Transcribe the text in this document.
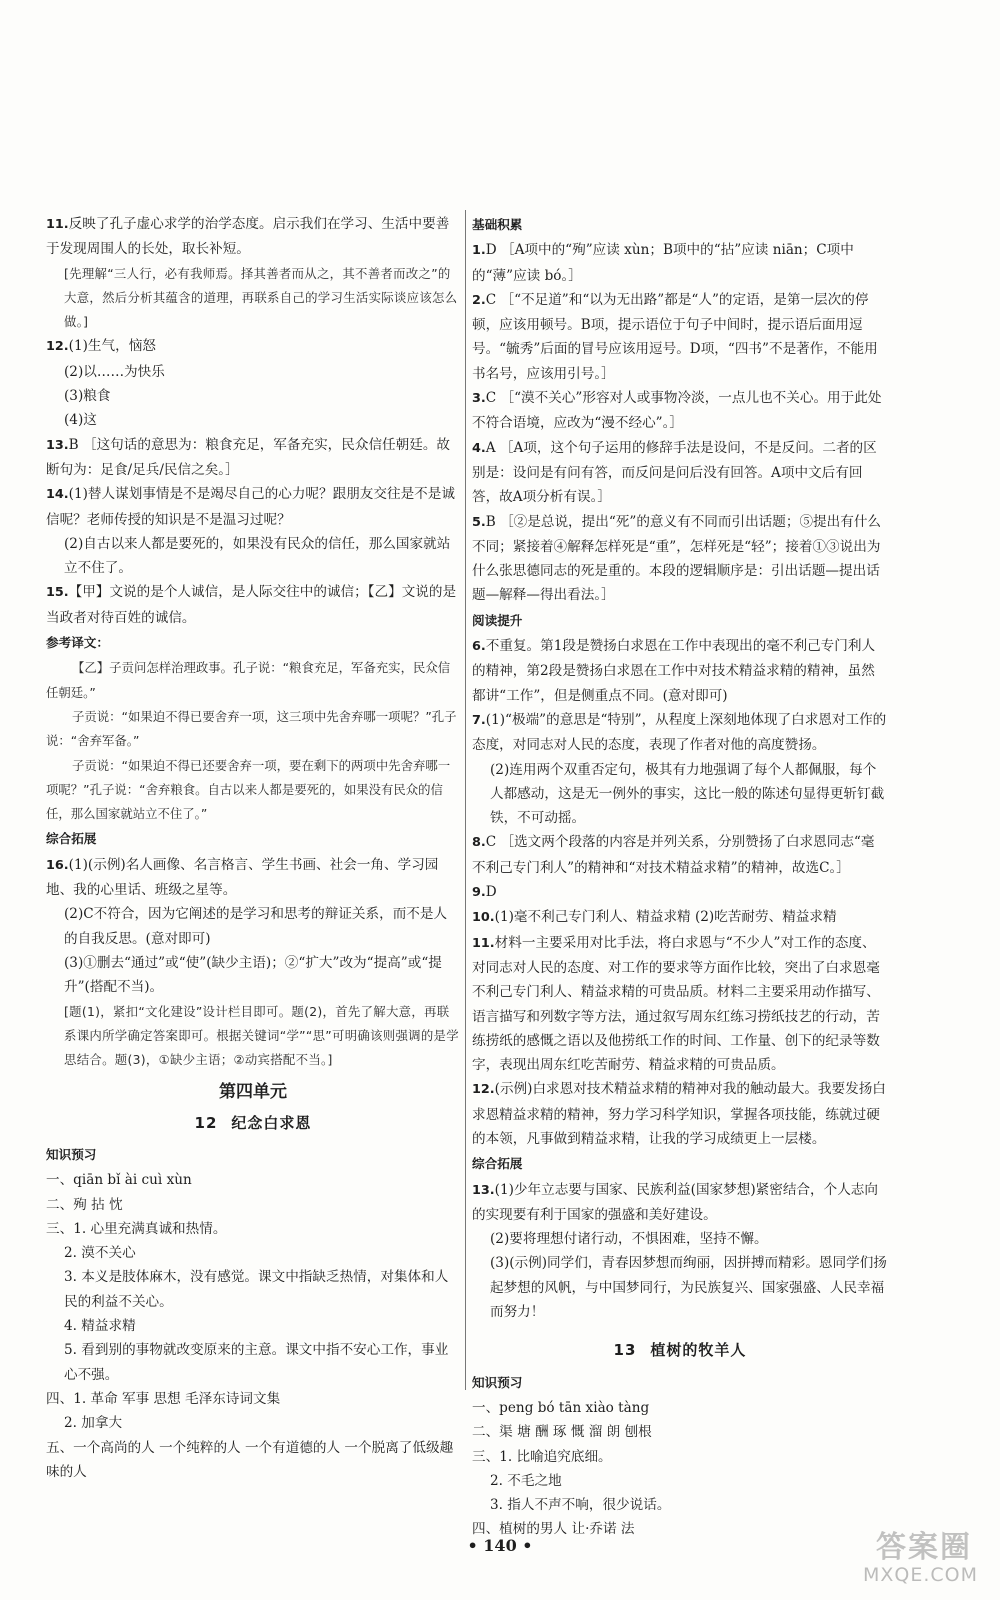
11.反映了孔子虚心求学的治学态度。启示我们在学习、生活中要善于发现周围人的长处，取长补短。

[先理解“三人行，必有我师焉。择其善者而从之，其不善者而改之”的大意，然后分析其蕴含的道理，再联系自己的学习生活实际谈应该怎么做。]

12.(1)生气，恼怒

(2)以……为快乐

(3)粮食

(4)这

13.B ［这句话的意思为：粮食充足，军备充实，民众信任朝廷。故断句为：足食/足兵/民信之矣。］

14.(1)替人谋划事情是不是竭尽自己的心力呢？跟朋友交往是不是诚信呢？老师传授的知识是不是温习过呢？

(2)自古以来人都是要死的，如果没有民众的信任，那么国家就站立不住了。

15.【甲】文说的是个人诚信，是人际交往中的诚信；【乙】文说的是当政者对待百姓的诚信。

参考译文：

【乙】子贡问怎样治理政事。孔子说：“粮食充足，军备充实，民众信任朝廷。”

子贡说：“如果迫不得已要舍弃一项，这三项中先舍弃哪一项呢？”孔子说：“舍弃军备。”

子贡说：“如果迫不得已还要舍弃一项，要在剩下的两项中先舍弃哪一项呢？”孔子说：“舍弃粮食。自古以来人都是要死的，如果没有民众的信任，那么国家就站立不住了。”

综合拓展

16.(1)(示例)名人画像、名言格言、学生书画、社会一角、学习园地、我的心里话、班级之星等。

(2)C不符合，因为它阐述的是学习和思考的辩证关系，而不是人的自我反思。(意对即可)

(3)①删去“通过”或“使”(缺少主语)；②“扩大”改为“提高”或“提升”(搭配不当)。

[题(1)，紧扣“文化建设”设计栏目即可。题(2)，首先了解大意，再联系课内所学确定答案即可。根据关键词“学”“思”可明确该则强调的是学思结合。题(3)，①缺少主语；②动宾搭配不当。]

第四单元
12 纪念白求恩

知识预习

一、qiān bǐ ài cuì xùn

二、殉 拈 忱

三、1. 心里充满真诚和热情。

2. 漠不关心

3. 本义是肢体麻木，没有感觉。课文中指缺乏热情，对集体和人民的利益不关心。

4. 精益求精

5. 看到别的事物就改变原来的主意。课文中指不安心工作，事业心不强。

四、1. 革命 军事 思想 毛泽东诗词文集

2. 加拿大

五、一个高尚的人 一个纯粹的人 一个有道德的人 一个脱离了低级趣味的人

基础积累

1.D ［A项中的“殉”应读 xùn；B项中的“拈”应读 niān；C项中的“薄”应读 bó。］

2.C ［“不足道”和“以为无出路”都是“人”的定语，是第一层次的停顿，应该用顿号。B项，提示语位于句子中间时，提示语后面用逗号。“毓秀”后面的冒号应该用逗号。D项，“四书”不是著作，不能用书名号，应该用引号。］

3.C ［“漠不关心”形容对人或事物冷淡，一点儿也不关心。用于此处不符合语境，应改为“漫不经心”。］

4.A ［A项，这个句子运用的修辞手法是设问，不是反问。二者的区别是：设问是有问有答，而反问是问后没有回答。A项中文后有回答，故A项分析有误。］

5.B ［②是总说，提出“死”的意义有不同而引出话题；⑤提出有什么不同；紧接着④解释怎样死是“重”，怎样死是“轻”；接着①③说出为什么张思德同志的死是重的。本段的逻辑顺序是：引出话题—提出话题—解释—得出看法。］

阅读提升

6.不重复。第1段是赞扬白求恩在工作中表现出的毫不利己专门利人的精神，第2段是赞扬白求恩在工作中对技术精益求精的精神，虽然都讲“工作”，但是侧重点不同。(意对即可)

7.(1)“极端”的意思是“特别”，从程度上深刻地体现了白求恩对工作的态度，对同志对人民的态度，表现了作者对他的高度赞扬。

(2)连用两个双重否定句，极其有力地强调了每个人都佩服，每个人都感动，这是无一例外的事实，这比一般的陈述句显得更斩钉截铁，不可动摇。

8.C ［选文两个段落的内容是并列关系，分别赞扬了白求恩同志“毫不利己专门利人”的精神和“对技术精益求精”的精神，故选C。］

9.D

10.(1)毫不利己专门利人、精益求精 (2)吃苦耐劳、精益求精

11.材料一主要采用对比手法，将白求恩与“不少人”对工作的态度、对同志对人民的态度、对工作的要求等方面作比较，突出了白求恩毫不利己专门利人、精益求精的可贵品质。材料二主要采用动作描写、语言描写和列数字等方法，通过叙写周东红练习捞纸技艺的行动，苦练捞纸的感慨之语以及他捞纸工作的时间、工作量、创下的纪录等数字，表现出周东红吃苦耐劳、精益求精的可贵品质。

12.(示例)白求恩对技术精益求精的精神对我的触动最大。我要发扬白求恩精益求精的精神，努力学习科学知识，掌握各项技能，练就过硬的本领，凡事做到精益求精，让我的学习成绩更上一层楼。

综合拓展

13.(1)少年立志要与国家、民族利益(国家梦想)紧密结合，个人志向的实现要有利于国家的强盛和美好建设。

(2)要将理想付诸行动，不惧困难，坚持不懈。

(3)(示例)同学们，青春因梦想而绚丽，因拼搏而精彩。恩同学们扬起梦想的风帆，与中国梦同行，为民族复兴、国家强盛、人民幸福而努力！

13 植树的牧羊人

知识预习

一、peng bó tān xiào tàng

二、渠 塘 酬 琢 慨 溜 朗 刨根

三、1. 比喻追究底细。

2. 不毛之地

3. 指人不声不响，很少说话。

四、植树的男人 让·乔诺 法

• 140 •	答案圈
MXQE.COM
